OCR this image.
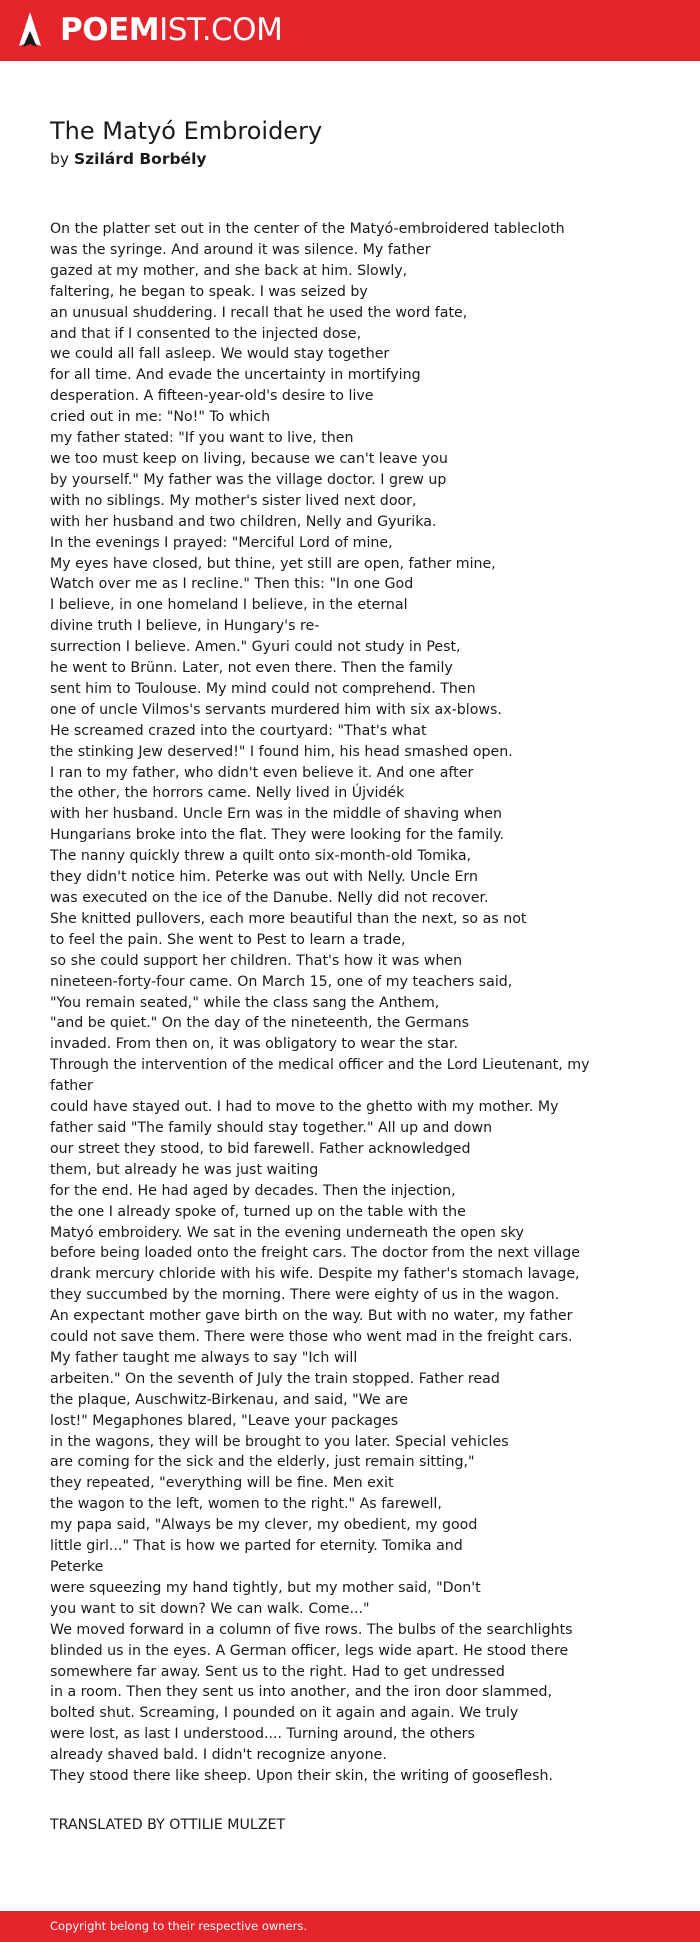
POEMIST.COM
The Matyó Embroidery
by Szilárd Borbély
On the platter set out in the center of the Matyó-embroidered tablecloth
was the syringe. And around it was silence. My father
gazed at my mother, and she back at him. Slowly,
faltering, he began to speak. I was seized by
an unusual shuddering. I recall that he used the word fate,
and that if I consented to the injected dose,
we could all fall asleep. We would stay together
for all time. And evade the uncertainty in mortifying
desperation. A fifteen-year-old's desire to live
cried out in me: "No!" To which
my father stated: "If you want to live, then
we too must keep on living, because we can't leave you
by yourself." My father was the village doctor. I grew up
with no siblings. My mother's sister lived next door,
with her husband and two children, Nelly and Gyurika.
In the evenings I prayed: "Merciful Lord of mine,
My eyes have closed, but thine, yet still are open, father mine,
Watch over me as I recline." Then this: "In one God
I believe, in one homeland I believe, in the eternal
divine truth I believe, in Hungary's re-
surrection I believe. Amen." Gyuri could not study in Pest,
he went to Brünn. Later, not even there. Then the family
sent him to Toulouse. My mind could not comprehend. Then
one of uncle Vilmos's servants murdered him with six ax-blows.
He screamed crazed into the courtyard: "That's what
the stinking Jew deserved!" I found him, his head smashed open.
I ran to my father, who didn't even believe it. And one after
the other, the horrors came. Nelly lived in Újvidék
with her husband. Uncle Ern was in the middle of shaving when
Hungarians broke into the flat. They were looking for the family.
The nanny quickly threw a quilt onto six-month-old Tomika,
they didn't notice him. Peterke was out with Nelly. Uncle Ern
was executed on the ice of the Danube. Nelly did not recover.
She knitted pullovers, each more beautiful than the next, so as not
to feel the pain. She went to Pest to learn a trade,
so she could support her children. That's how it was when
nineteen-forty-four came. On March 15, one of my teachers said,
"You remain seated," while the class sang the Anthem,
"and be quiet." On the day of the nineteenth, the Germans
invaded. From then on, it was obligatory to wear the star.
Through the intervention of the medical officer and the Lord Lieutenant, my
father
could have stayed out. I had to move to the ghetto with my mother. My
father said "The family should stay together." All up and down
our street they stood, to bid farewell. Father acknowledged
them, but already he was just waiting
for the end. He had aged by decades. Then the injection,
the one I already spoke of, turned up on the table with the
Matyó embroidery. We sat in the evening underneath the open sky
before being loaded onto the freight cars. The doctor from the next village
drank mercury chloride with his wife. Despite my father's stomach lavage,
they succumbed by the morning. There were eighty of us in the wagon.
An expectant mother gave birth on the way. But with no water, my father
could not save them. There were those who went mad in the freight cars.
My father taught me always to say "Ich will
arbeiten." On the seventh of July the train stopped. Father read
the plaque, Auschwitz-Birkenau, and said, "We are
lost!" Megaphones blared, "Leave your packages
in the wagons, they will be brought to you later. Special vehicles
are coming for the sick and the elderly, just remain sitting,"
they repeated, "everything will be fine. Men exit
the wagon to the left, women to the right." As farewell,
my papa said, "Always be my clever, my obedient, my good
little girl..." That is how we parted for eternity. Tomika and
Peterke
were squeezing my hand tightly, but my mother said, "Don't
you want to sit down? We can walk. Come..."
We moved forward in a column of five rows. The bulbs of the searchlights
blinded us in the eyes. A German officer, legs wide apart. He stood there
somewhere far away. Sent us to the right. Had to get undressed
in a room. Then they sent us into another, and the iron door slammed,
bolted shut. Screaming, I pounded on it again and again. We truly
were lost, as last I understood.... Turning around, the others
already shaved bald. I didn't recognize anyone.
They stood there like sheep. Upon their skin, the writing of gooseflesh.
TRANSLATED BY OTTILIE MULZET
Copyright belong to their respective owners.
